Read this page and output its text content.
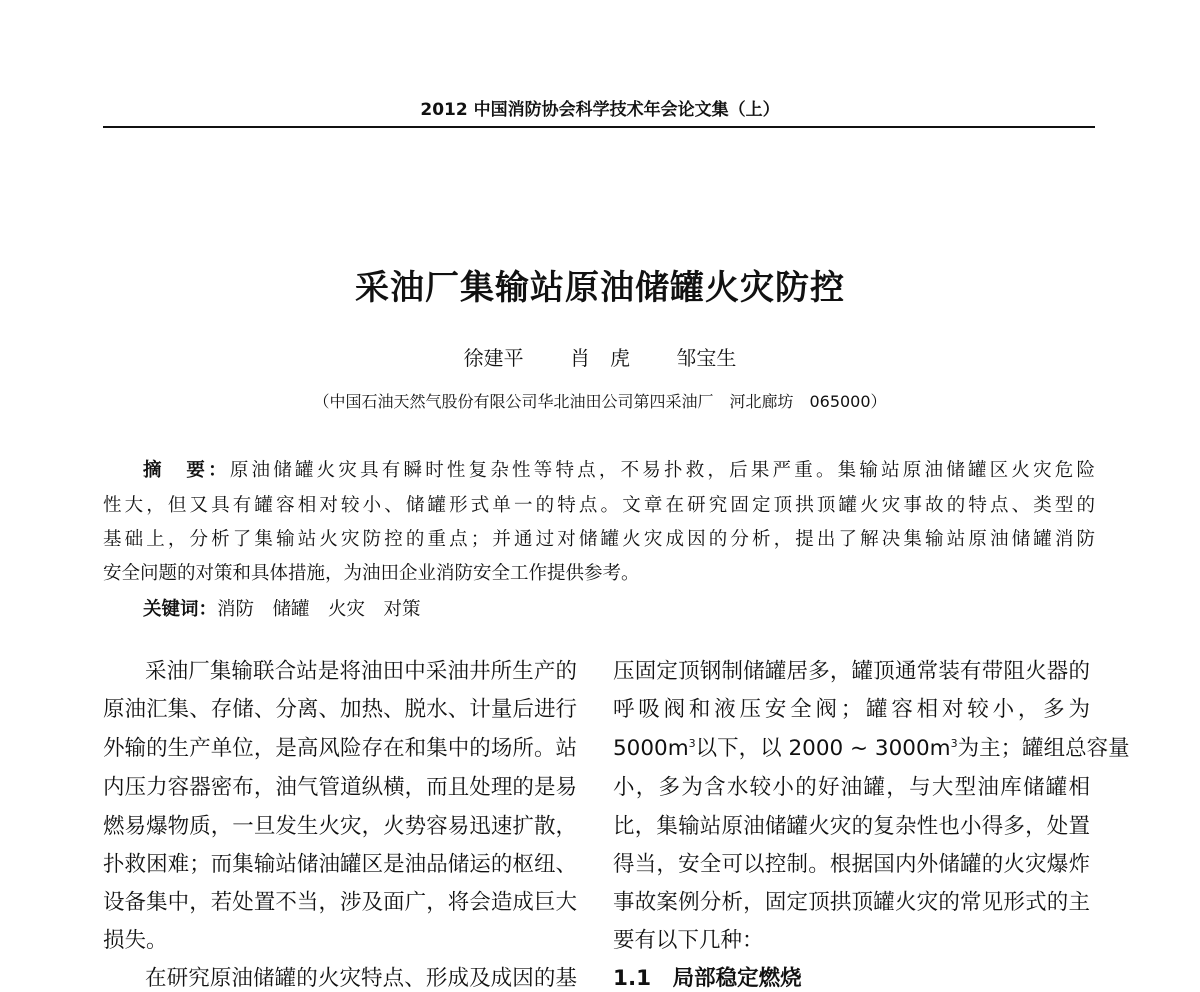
2012 中国消防协会科学技术年会论文集（上）
采油厂集输站原油储罐火灾防控
徐建平 肖　虎 邹宝生
（中国石油天然气股份有限公司华北油田公司第四采油厂　河北廊坊　065000）
摘　要：原油储罐火灾具有瞬时性复杂性等特点，不易扑救，后果严重。集输站原油储罐区火灾危险
性大，但又具有罐容相对较小、储罐形式单一的特点。文章在研究固定顶拱顶罐火灾事故的特点、类型的
基础上，分析了集输站火灾防控的重点；并通过对储罐火灾成因的分析，提出了解决集输站原油储罐消防
安全问题的对策和具体措施，为油田企业消防安全工作提供参考。
关键词：消防　储罐　火灾　对策
采油厂集输联合站是将油田中采油井所生产的
原油汇集、存储、分离、加热、脱水、计量后进行
外输的生产单位，是高风险存在和集中的场所。站
内压力容器密布，油气管道纵横，而且处理的是易
燃易爆物质，一旦发生火灾，火势容易迅速扩散，
扑救困难；而集输站储油罐区是油品储运的枢纽、
设备集中，若处置不当，涉及面广，将会造成巨大
损失。
在研究原油储罐的火灾特点、形成及成因的基
压固定顶钢制储罐居多，罐顶通常装有带阻火器的
呼吸阀和液压安全阀；罐容相对较小，多为
$5000m^3$以下，以 2000 ~ $3000m^3$为主；罐组总容量
小，多为含水较小的好油罐，与大型油库储罐相
比，集输站原油储罐火灾的复杂性也小得多，处置
得当，安全可以控制。根据国内外储罐的火灾爆炸
事故案例分析，固定顶拱顶罐火灾的常见形式的主
要有以下几种：
1.1　局部稳定燃烧
